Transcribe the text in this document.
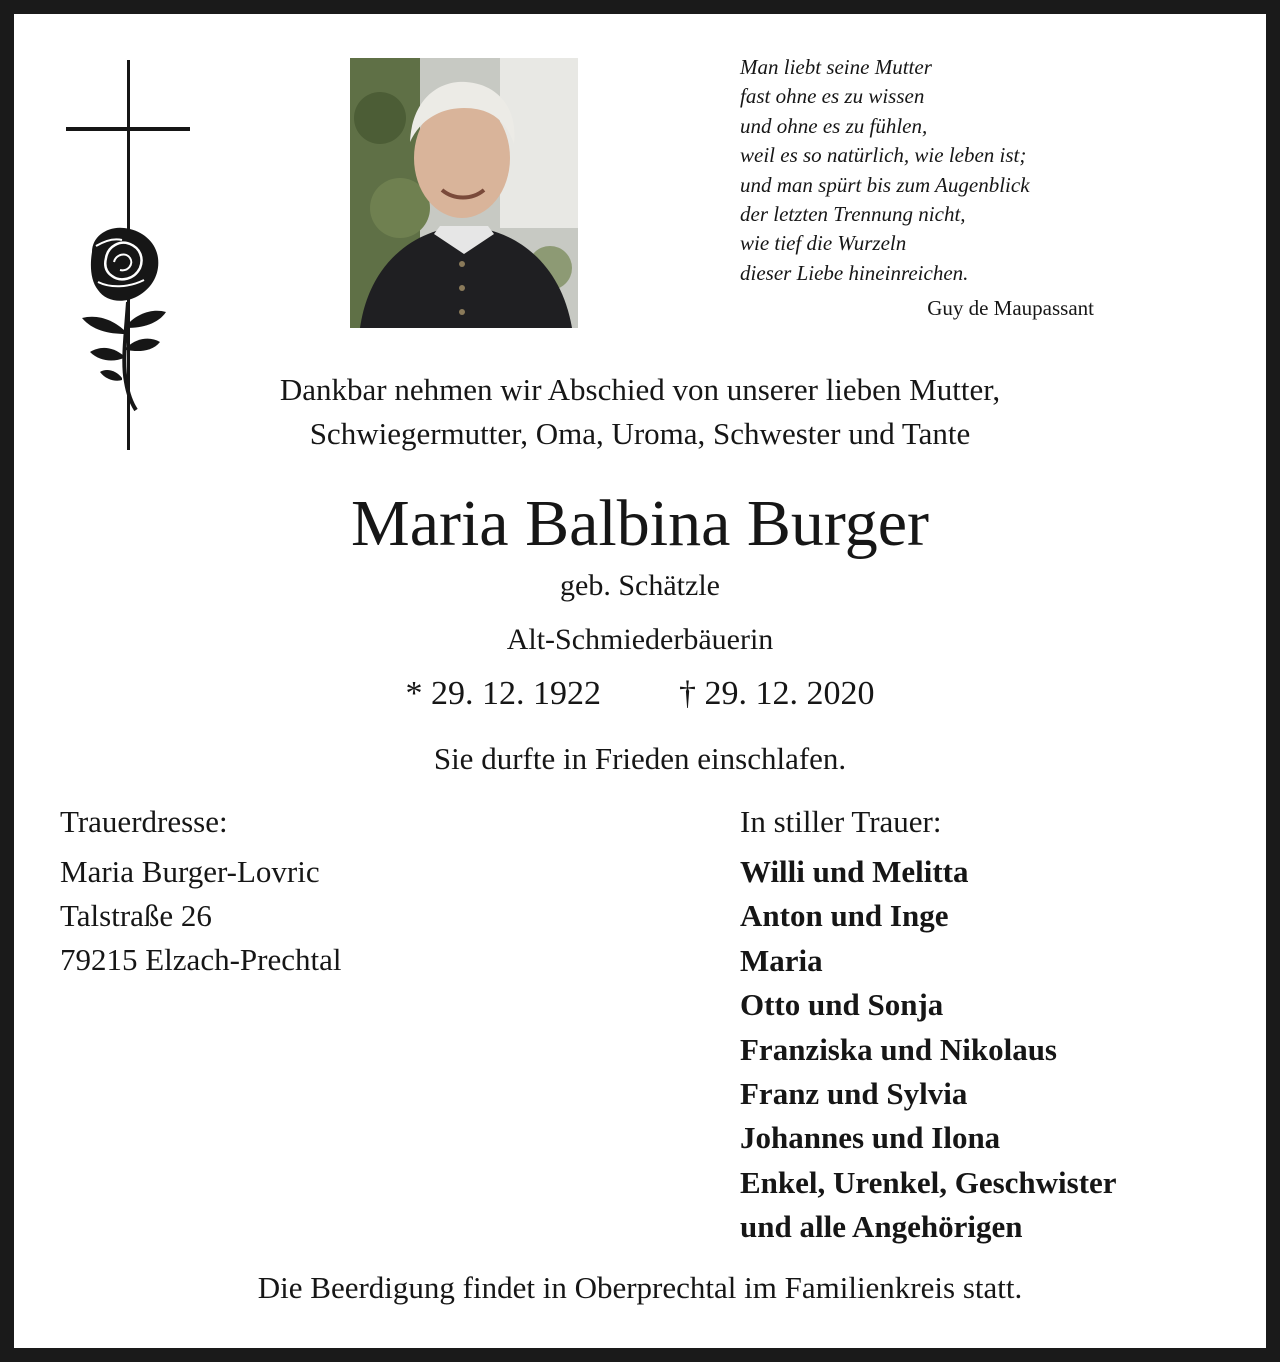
Man liebt seine Mutter
fast ohne es zu wissen
und ohne es zu fühlen,
weil es so natürlich, wie leben ist;
und man spürt bis zum Augenblick
der letzten Trennung nicht,
wie tief die Wurzeln
dieser Liebe hineinreichen.
Guy de Maupassant
Dankbar nehmen wir Abschied von unserer lieben Mutter,
Schwiegermutter, Oma, Uroma, Schwester und Tante
Maria Balbina Burger
geb. Schätzle
Alt-Schmiederbäuerin
* 29. 12. 1922 † 29. 12. 2020
Sie durfte in Frieden einschlafen.
Trauerdresse:
Maria Burger-Lovric
Talstraße 26
79215 Elzach-Prechtal
In stiller Trauer:
Willi und Melitta
Anton und Inge
Maria
Otto und Sonja
Franziska und Nikolaus
Franz und Sylvia
Johannes und Ilona
Enkel, Urenkel, Geschwister
und alle Angehörigen
Die Beerdigung findet in Oberprechtal im Familienkreis statt.
